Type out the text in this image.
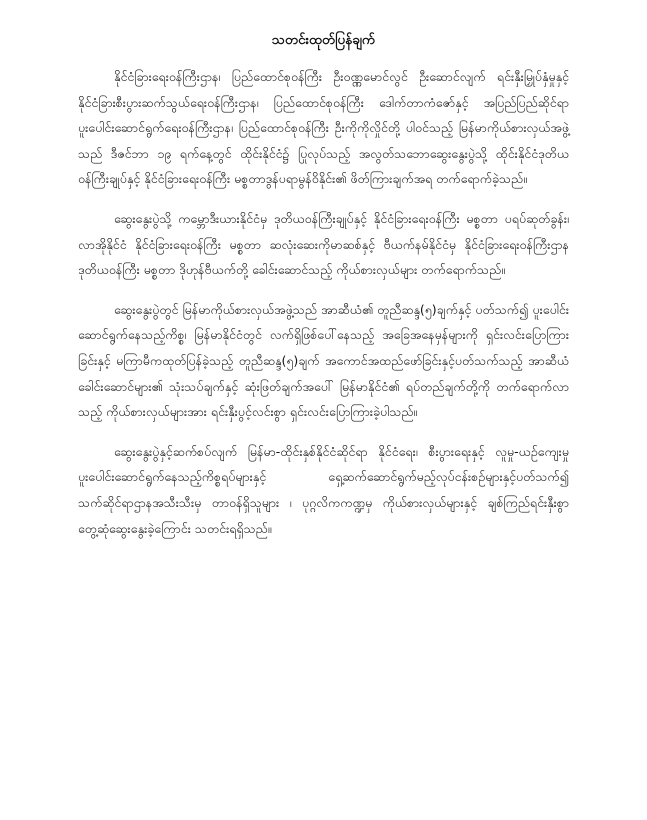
သတင်းထုတ်ပြန်ချက်

နိုင်ငံခြားရေးဝန်ကြီးဌာန၊ ပြည်ထောင်စုဝန်ကြီး ဦးဝဏ္ဏမောင်လွင် ဦးဆောင်လျက် ရင်းနှီးမြှုပ်နှံမှုနှင့် နိုင်ငံခြားစီးပွားဆက်သွယ်ရေးဝန်ကြီးဌာန၊ ပြည်ထောင်စုဝန်ကြီး ဒေါက်တာကံဇော်နှင့် အပြည်ပြည်ဆိုင်ရာပူးပေါင်းဆောင်ရွက်ရေးဝန်ကြီးဌာန၊ ပြည်ထောင်စုဝန်ကြီး ဦးကိုကိုလှိုင်တို့ ပါဝင်သည့် မြန်မာကိုယ်စားလှယ်အဖွဲ့သည် ဒီဇင်ဘာ ၁၉ ရက်နေ့တွင် ထိုင်းနိုင်ငံ၌ ပြုလုပ်သည့် အလွတ်သဘောဆွေးနွေးပွဲသို့ ထိုင်းနိုင်ငံဒုတိယဝန်ကြီးချုပ်နှင့် နိုင်ငံခြားရေးဝန်ကြီး မစ္စတာဒွန်ပရာမွန်ဝိနိုင်း၏ ဖိတ်ကြားချက်အရ တက်ရောက်ခဲ့သည်။

ဆွေးနွေးပွဲသို့ ကမ္ဘောဒီးယားနိုင်ငံမှ ဒုတိယဝန်ကြီးချုပ်နှင့် နိုင်ငံခြားရေးဝန်ကြီး မစ္စတာ ပရပ်ဆုတ်ခွန်း၊ လာအိုနိုင်ငံ နိုင်ငံခြားရေးဝန်ကြီး မစ္စတာ ဆလုံးဆေးကိုမာဆစ်နှင့် ဗီယက်နမ်နိုင်ငံမှ နိုင်ငံခြားရေးဝန်ကြီးဌာန ဒုတိယဝန်ကြီး မစ္စတာ ဒိုဟုန်ဗီယက်တို့ ခေါင်းဆောင်သည့် ကိုယ်စားလှယ်များ တက်ရောက်သည်။

ဆွေးနွေးပွဲတွင် မြန်မာကိုယ်စားလှယ်အဖွဲ့သည် အာဆီယံ၏ တူညီဆန္ဒ(၅)ချက်နှင့် ပတ်သက်၍ ပူးပေါင်းဆောင်ရွက်နေသည့်ကိစ္စ၊ မြန်မာနိုင်ငံတွင် လက်ရှိဖြစ်ပေါ်နေသည့် အခြေအနေမှန်များကို ရှင်းလင်းပြောကြားခြင်းနှင့် မကြာမီကထုတ်ပြန်ခဲ့သည့် တူညီဆန္ဒ(၅)ချက် အကောင်အထည်ဖော်ခြင်းနှင့်ပတ်သက်သည့် အာဆီယံခေါင်းဆောင်များ၏ သုံးသပ်ချက်နှင့် ဆုံးဖြတ်ချက်အပေါ် မြန်မာနိုင်ငံ၏ ရပ်တည်ချက်တို့ကို တက်ရောက်လာသည့် ကိုယ်စားလှယ်များအား ရင်းနှီးပွင့်လင်းစွာ ရှင်းလင်းပြောကြားခဲ့ပါသည်။

ဆွေးနွေးပွဲနှင့်ဆက်စပ်လျက် မြန်မာ-ထိုင်းနှစ်နိုင်ငံဆိုင်ရာ နိုင်ငံရေး၊ စီးပွားရေးနှင့် လူမှု-ယဉ်ကျေးမှုပူးပေါင်းဆောင်ရွက်နေသည့်ကိစ္စရပ်များနှင့် ရှေ့ဆက်ဆောင်ရွက်မည့်လုပ်ငန်းစဉ်များနှင့်ပတ်သက်၍ သက်ဆိုင်ရာဌာနအသီးသီးမှ တာဝန်ရှိသူများ ၊ ပုဂ္ဂလိကကဏ္ဍမှ ကိုယ်စားလှယ်များနှင့် ချစ်ကြည်ရင်းနှီးစွာ တွေ့ဆုံဆွေးနွေးခဲ့ကြောင်း သတင်းရရှိသည်။
